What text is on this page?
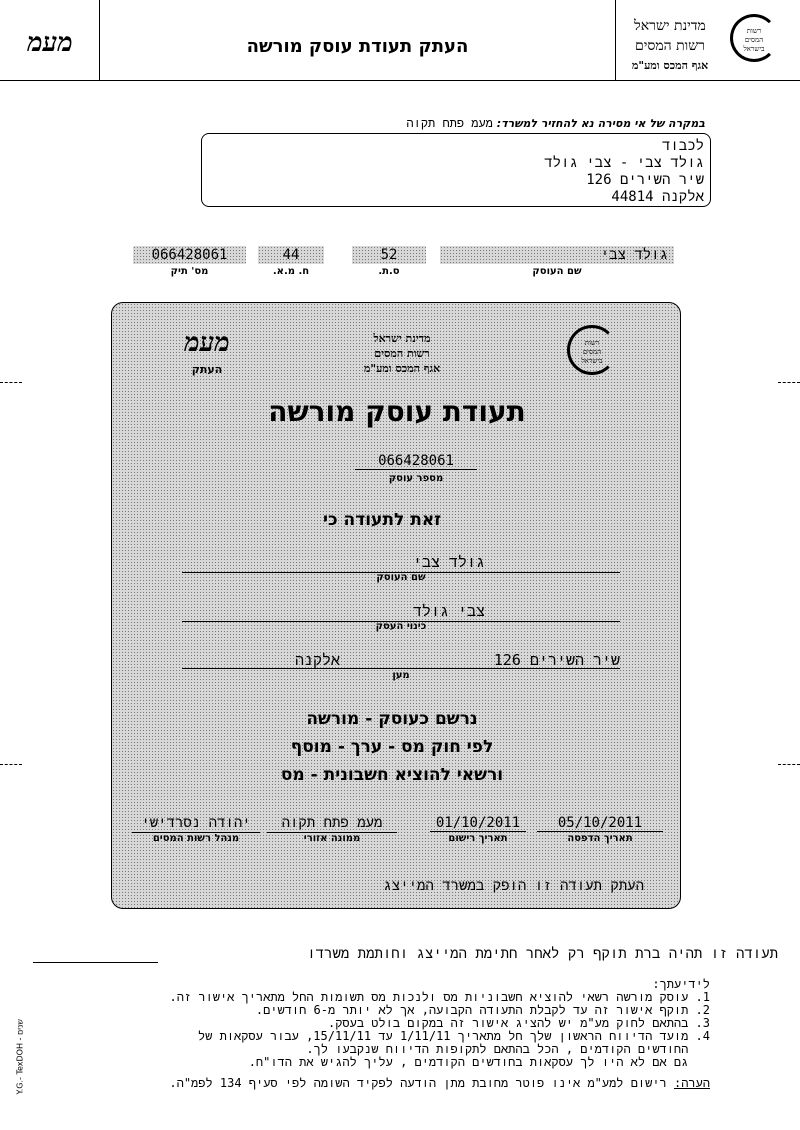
מעמ	העתק תעודת עוסק מורשה
מדינת ישראל
רשות המסים
אגף המכס ומע"מ
רשות המסים בישראל
במקרה של אי מסירה נא להחזיר למשרד: מעמ פתח תקוה
לכבוד
גולד צבי - צבי גולד
שיר השירים 126
אלקנה 44814
066428061
מס' תיק
44
ח. מ.א.
52
ס.ת.
גולד צבי
שם העוסק
מעמ
העתק
מדינת ישראל
רשות המסים
אגף המכס ומע"מ
רשות המסים בישראל
תעודת עוסק מורשה
066428061
מספר עוסק
זאת לתעודה כי
גולד צבי
שם העוסק
צבי גולד
כינוי העסק
שיר השירים 126
אלקנה
מען
נרשם כעוסק - מורשה
לפי חוק מס - ערך - מוסף
ורשאי להוציא חשבונית - מס
05/10/2011
תאריך הדפסה
01/10/2011
תאריך רישום
מעמ פתח תקוה
ממונה אזורי
יהודה נסרדישי
מנהל רשות המסים
העתק תעודה זו הופק במשרד המייצג
תעודה זו תהיה ברת תוקף רק לאחר חתימת המייצג וחותמת משרדו
לידיעתך:
1. עוסק מורשה רשאי להוציא חשבוניות מס ולנכות מס תשומות החל מתאריך אישור זה.
2. תוקף אישור זה עד לקבלת התעודה הקבועה, אך לא יותר מ-6 חודשים.
3. בהתאם לחוק מע"מ יש להציג אישור זה במקום בולט בעסק.
4. מועד הדיווח הראשון שלך חל מתאריך 1/11/11 עד 15/11/11, עבור עסקאות של
החודשים הקודמים , הכל בהתאם לתקופות הדיווח שנקבעו לך.
גם אם לא היו לך עסקאות בחודשים הקודמים , עליך להגיש את הדו"ח.
הערה: רישום למע"מ אינו פוטר מחובת מתן הודעה לפקיד השומה לפי סעיף 134 לפמ"ה.
Y.G.- TexDOH - שנים
